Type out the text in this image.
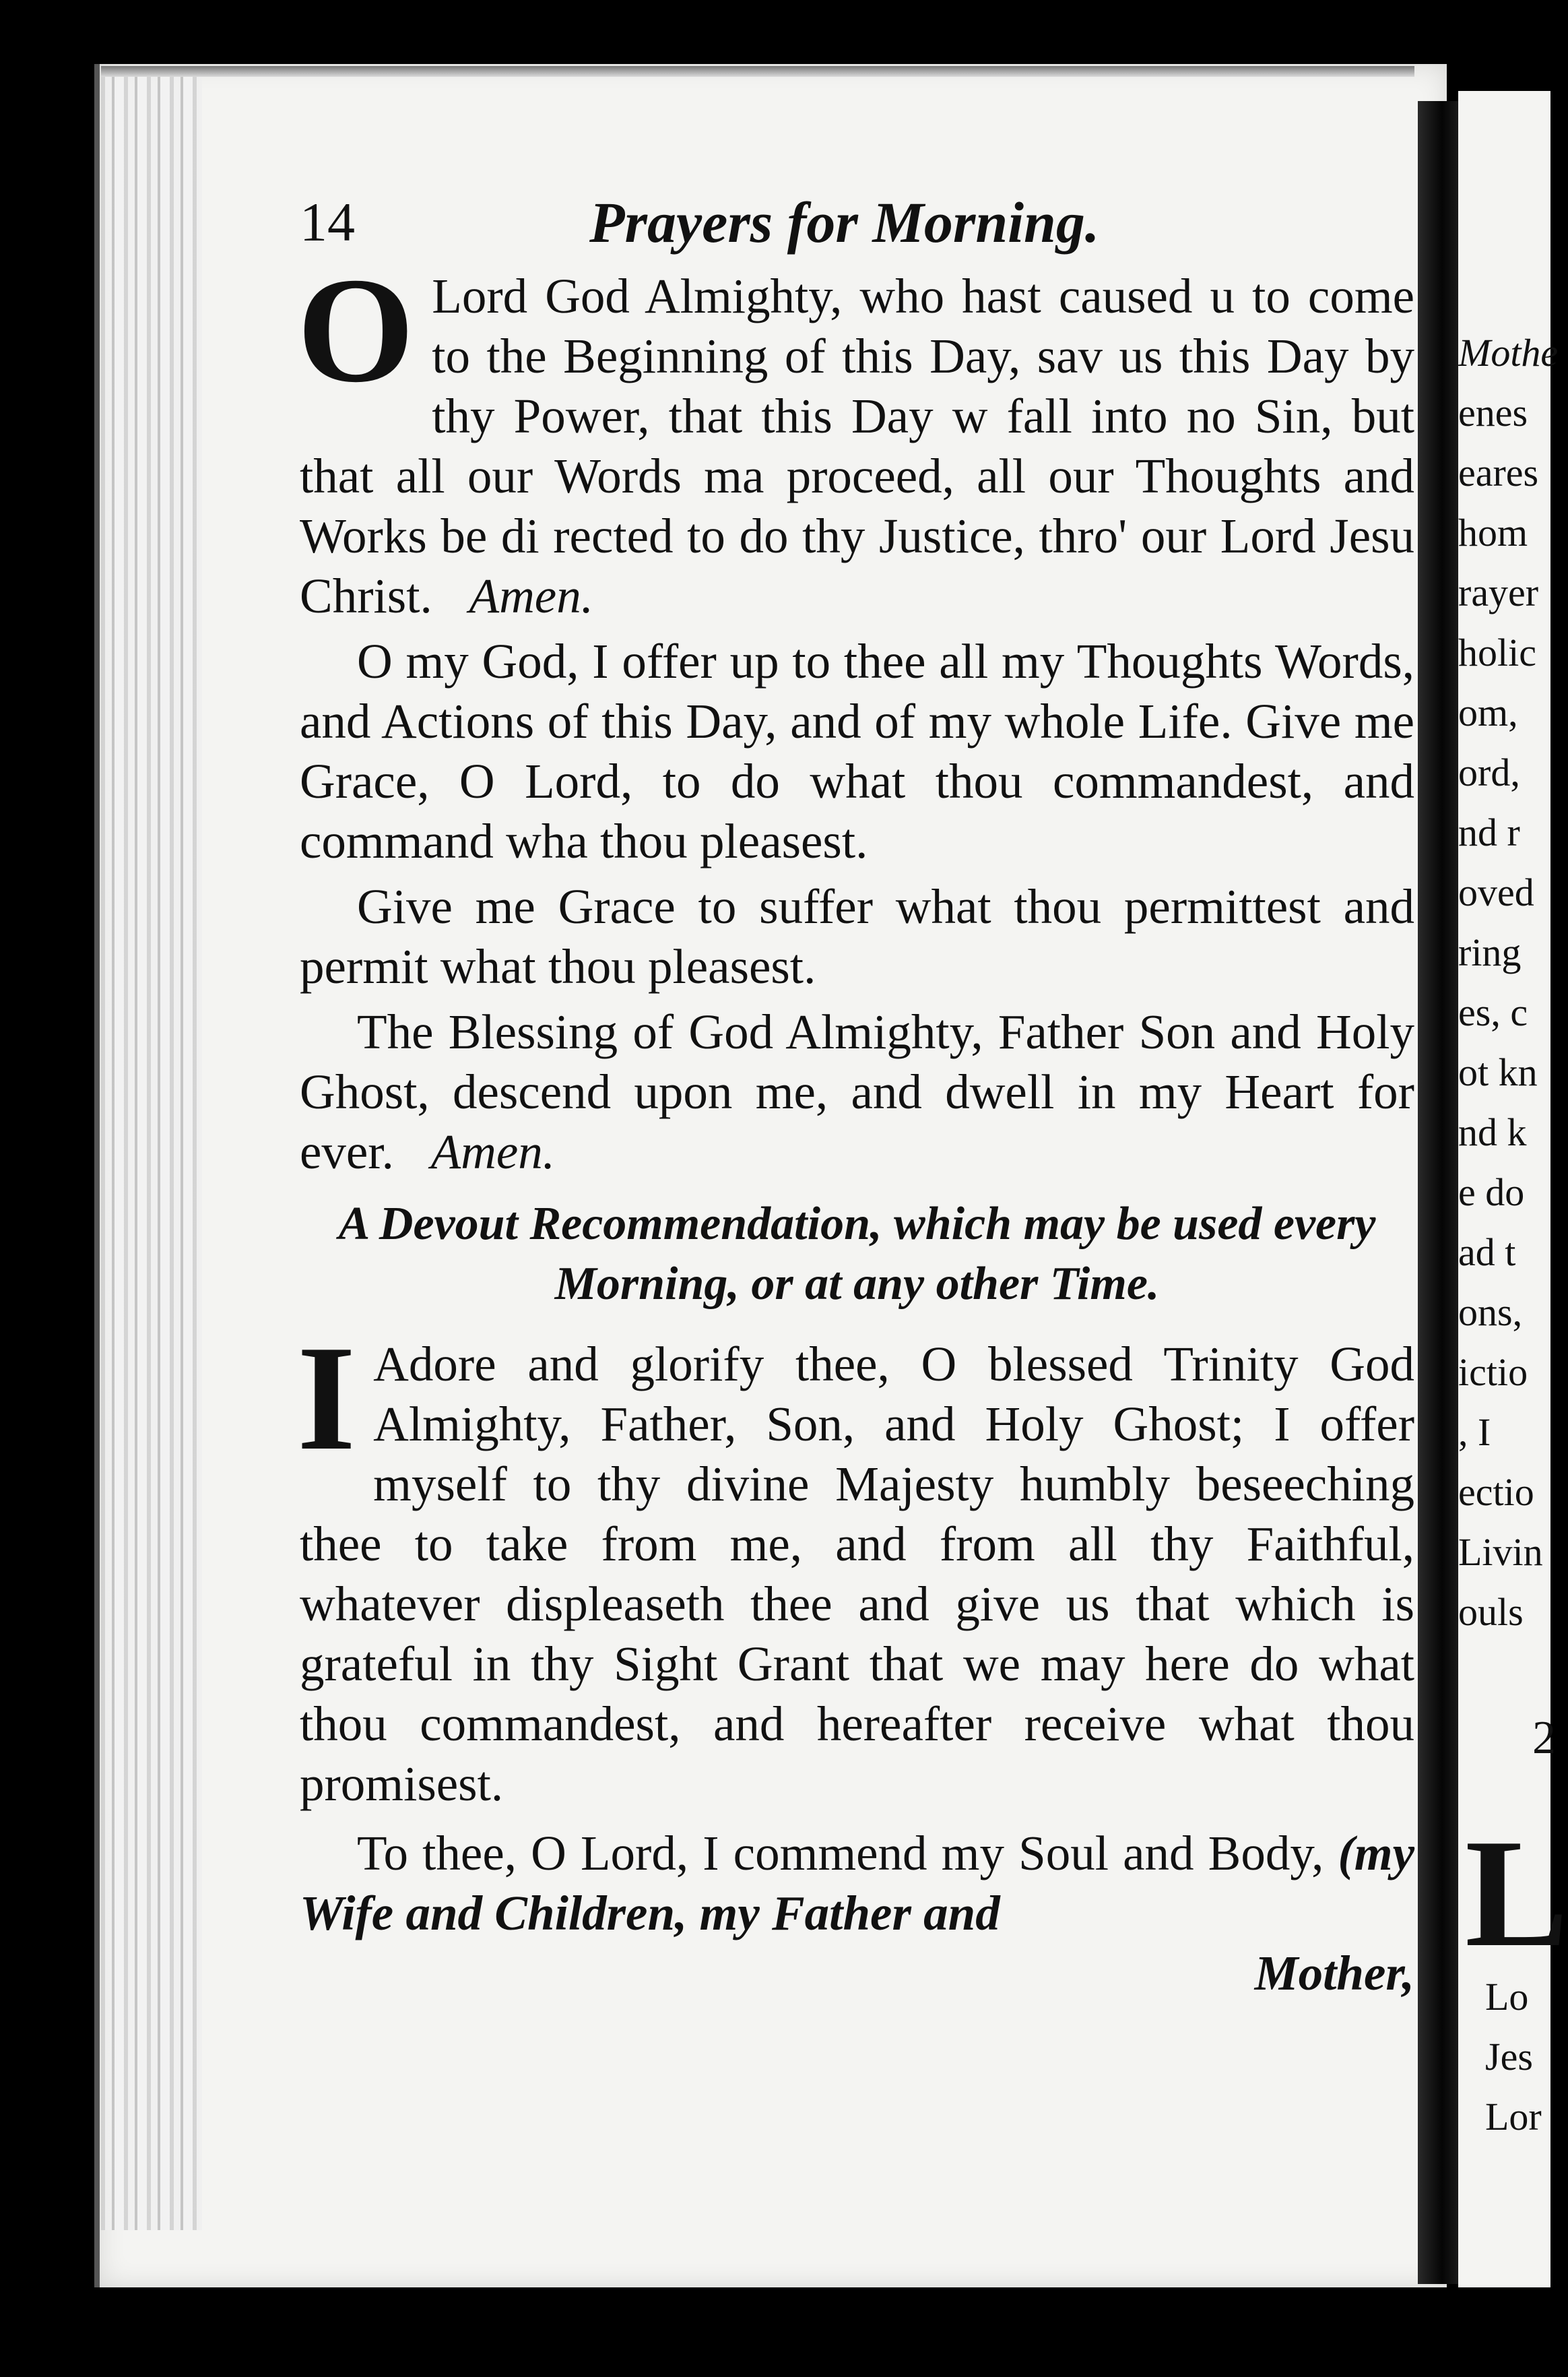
14	Prayers for Morning.

O Lord God Almighty, who hast caused u to come to the Beginning of this Day, sav us this Day by thy Power, that this Day w fall into no Sin, but that all our Words ma proceed, all our Thoughts and Works be di rected to do thy Justice, thro' our Lord Jesu Christ. Amen.

O my God, I offer up to thee all my Thoughts Words, and Actions of this Day, and of my whole Life. Give me Grace, O Lord, to do what thou commandest, and command wha thou pleasest.

Give me Grace to suffer what thou permittest and permit what thou pleasest.

The Blessing of God Almighty, Father Son and Holy Ghost, descend upon me, and dwell in my Heart for ever. Amen.

A Devout Recommendation, which may be used every Morning, or at any other Time.

I Adore and glorify thee, O blessed Trinity God Almighty, Father, Son, and Holy Ghost; I offer myself to thy divine Majesty humbly beseeching thee to take from me, and from all thy Faithful, whatever displeaseth thee and give us that which is grateful in thy Sight Grant that we may here do what thou commandest, and hereafter receive what thou promisest.

To thee, O Lord, I commend my Soul and Body, (my Wife and Children, my Father and

Mother,

Mothe
enes
eares
hom
rayer
holic
om,
ord,
nd r
oved
ring
es, c
ot kn
nd k
e do
ad t
ons,
ictio
, I
ectio
Livin
ouls
2
L
Lo
Jes
Lor
